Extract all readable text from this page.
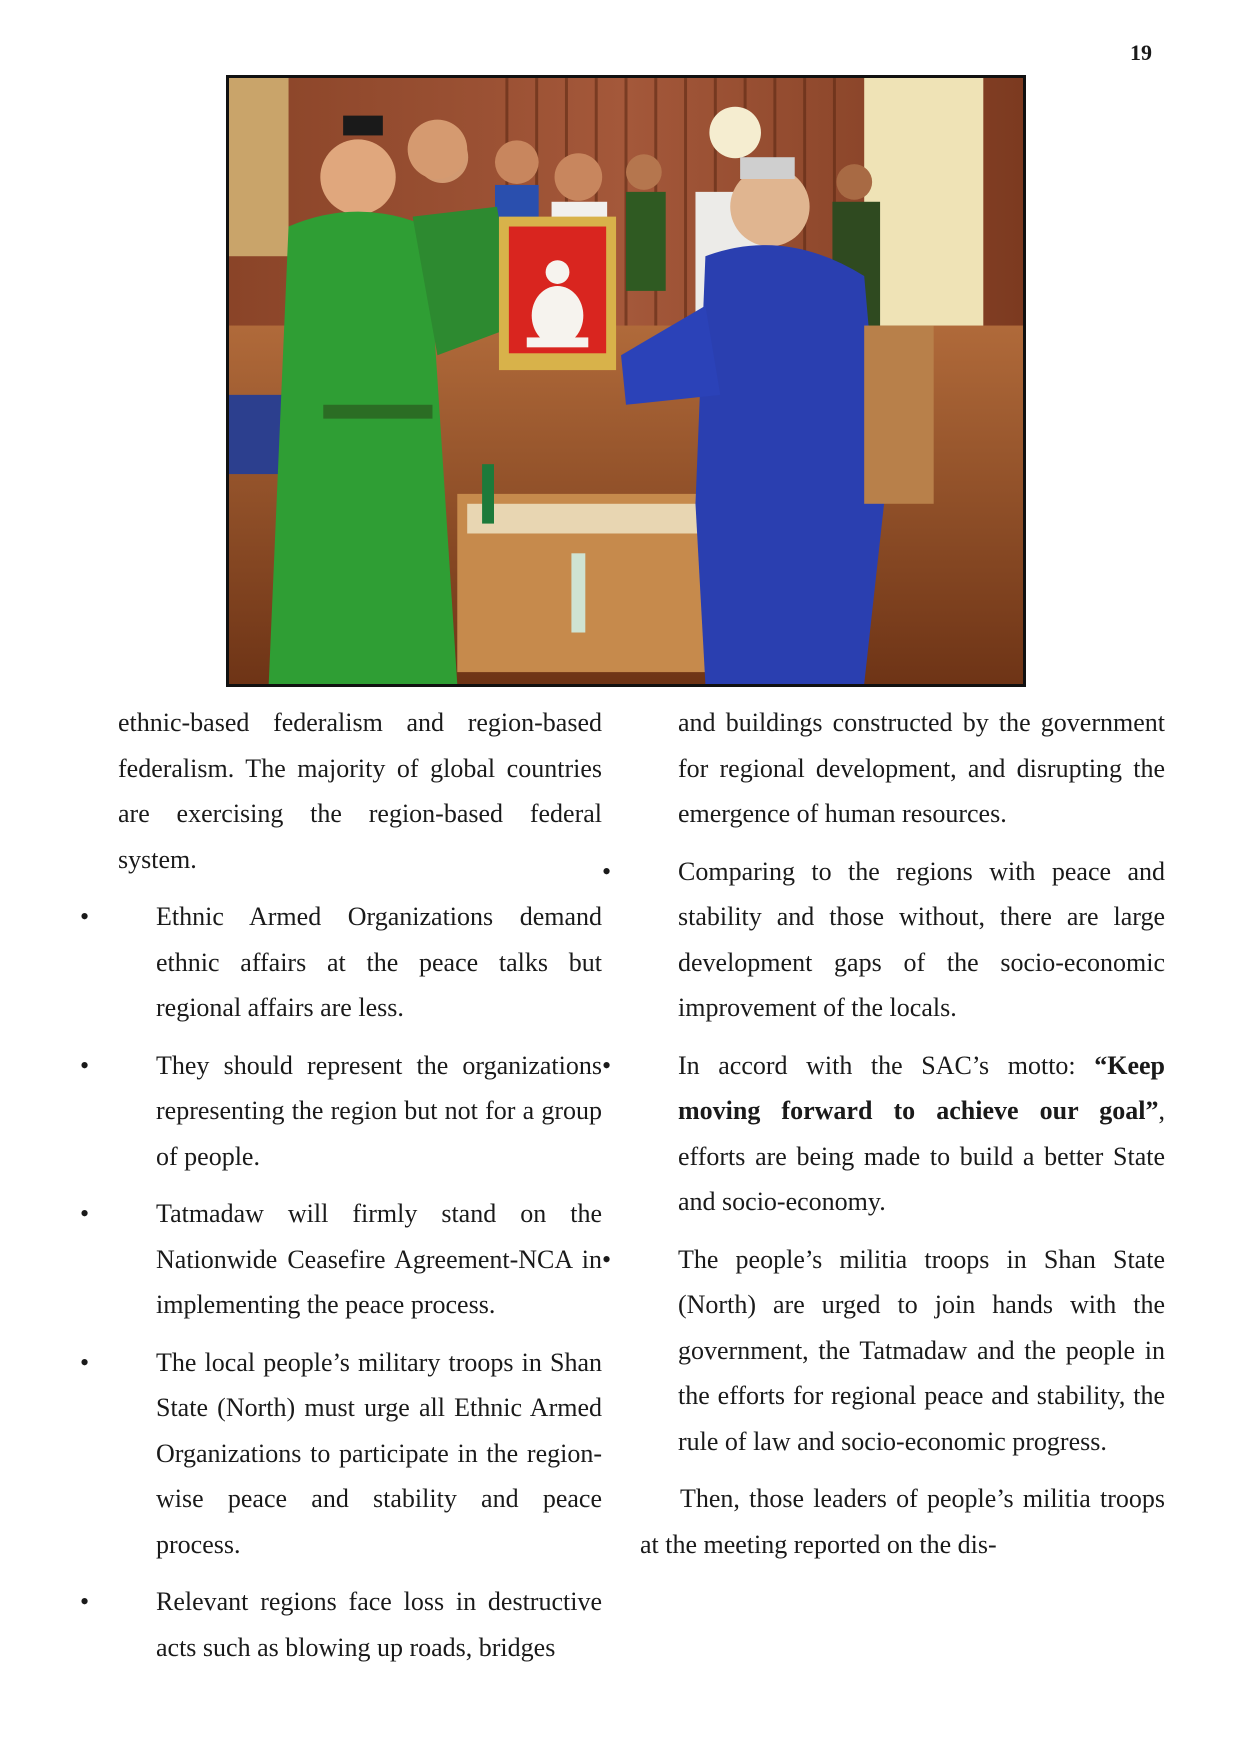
19

ethnic-based federalism and region-based federalism. The majority of global countries are exercising the region-based federal system.

•	Ethnic Armed Organizations demand ethnic affairs at the peace talks but regional affairs are less.
•	They should represent the organizations representing the region but not for a group of people.
•	Tatmadaw will firmly stand on the Nationwide Ceasefire Agreement-NCA in implementing the peace process.
•	The local people’s military troops in Shan State (North) must urge all Ethnic Armed Organizations to participate in the region-wise peace and stability and peace process.
•	Relevant regions face loss in destructive acts such as blowing up roads, bridges

and buildings constructed by the government for regional development, and disrupting the emergence of human resources.

•	Comparing to the regions with peace and stability and those without, there are large development gaps of the socio-economic improvement of the locals.
•	In accord with the SAC’s motto: “Keep moving forward to achieve our goal”, efforts are being made to build a better State and socio-economy.
•	The people’s militia troops in Shan State (North) are urged to join hands with the government, the Tatmadaw and the people in the efforts for regional peace and stability, the rule of law and socio-economic progress.

Then, those leaders of people’s militia troops at the meeting reported on the dis-
